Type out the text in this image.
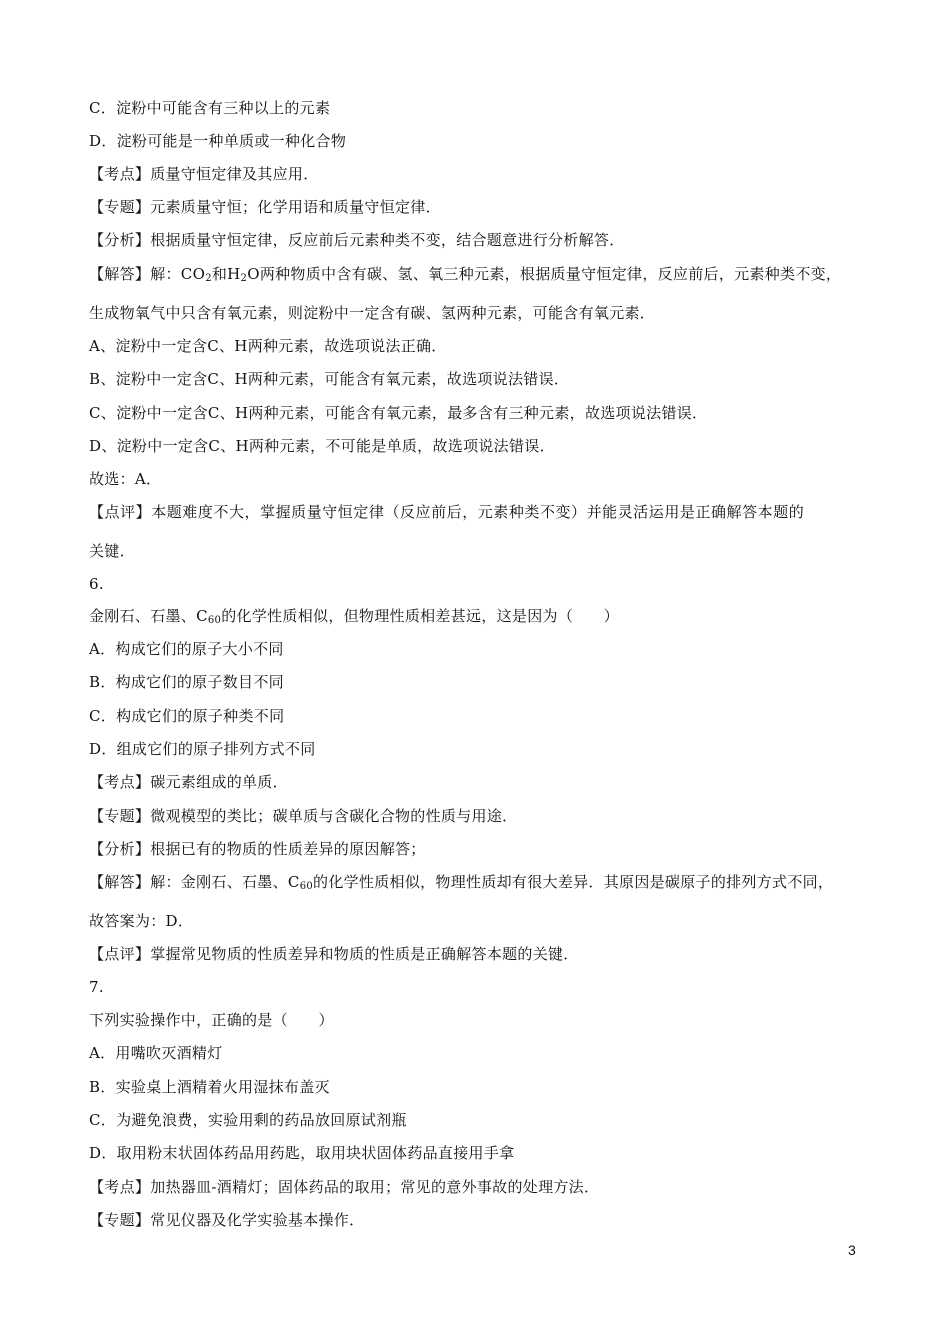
C．淀粉中可能含有三种以上的元素
D．淀粉可能是一种单质或一种化合物
【考点】质量守恒定律及其应用．
【专题】元素质量守恒；化学用语和质量守恒定律．
【分析】根据质量守恒定律，反应前后元素种类不变，结合题意进行分析解答．
【解答】解：$CO_2$和$H_2O$两种物质中含有碳、氢、氧三种元素，根据质量守恒定律，反应前后，元素种类不变，
生成物氧气中只含有氧元素，则淀粉中一定含有碳、氢两种元素，可能含有氧元素．
A、淀粉中一定含C、H两种元素，故选项说法正确．
B、淀粉中一定含C、H两种元素，可能含有氧元素，故选项说法错误．
C、淀粉中一定含C、H两种元素，可能含有氧元素，最多含有三种元素，故选项说法错误．
D、淀粉中一定含C、H两种元素，不可能是单质，故选项说法错误．
故选：A．
【点评】本题难度不大，掌握质量守恒定律（反应前后，元素种类不变）并能灵活运用是正确解答本题的
关键．
6.
金刚石、石墨、$C_{60}$的化学性质相似，但物理性质相差甚远，这是因为（　　）
A．构成它们的原子大小不同
B．构成它们的原子数目不同
C．构成它们的原子种类不同
D．组成它们的原子排列方式不同
【考点】碳元素组成的单质．
【专题】微观模型的类比；碳单质与含碳化合物的性质与用途．
【分析】根据已有的物质的性质差异的原因解答；
【解答】解：金刚石、石墨、$C_{60}$的化学性质相似，物理性质却有很大差异．其原因是碳原子的排列方式不同，
故答案为：D．
【点评】掌握常见物质的性质差异和物质的性质是正确解答本题的关键．
7.
下列实验操作中，正确的是（　　）
A．用嘴吹灭酒精灯
B．实验桌上酒精着火用湿抹布盖灭
C．为避免浪费，实验用剩的药品放回原试剂瓶
D．取用粉末状固体药品用药匙，取用块状固体药品直接用手拿
【考点】加热器皿-酒精灯；固体药品的取用；常见的意外事故的处理方法．
【专题】常见仪器及化学实验基本操作．
3
